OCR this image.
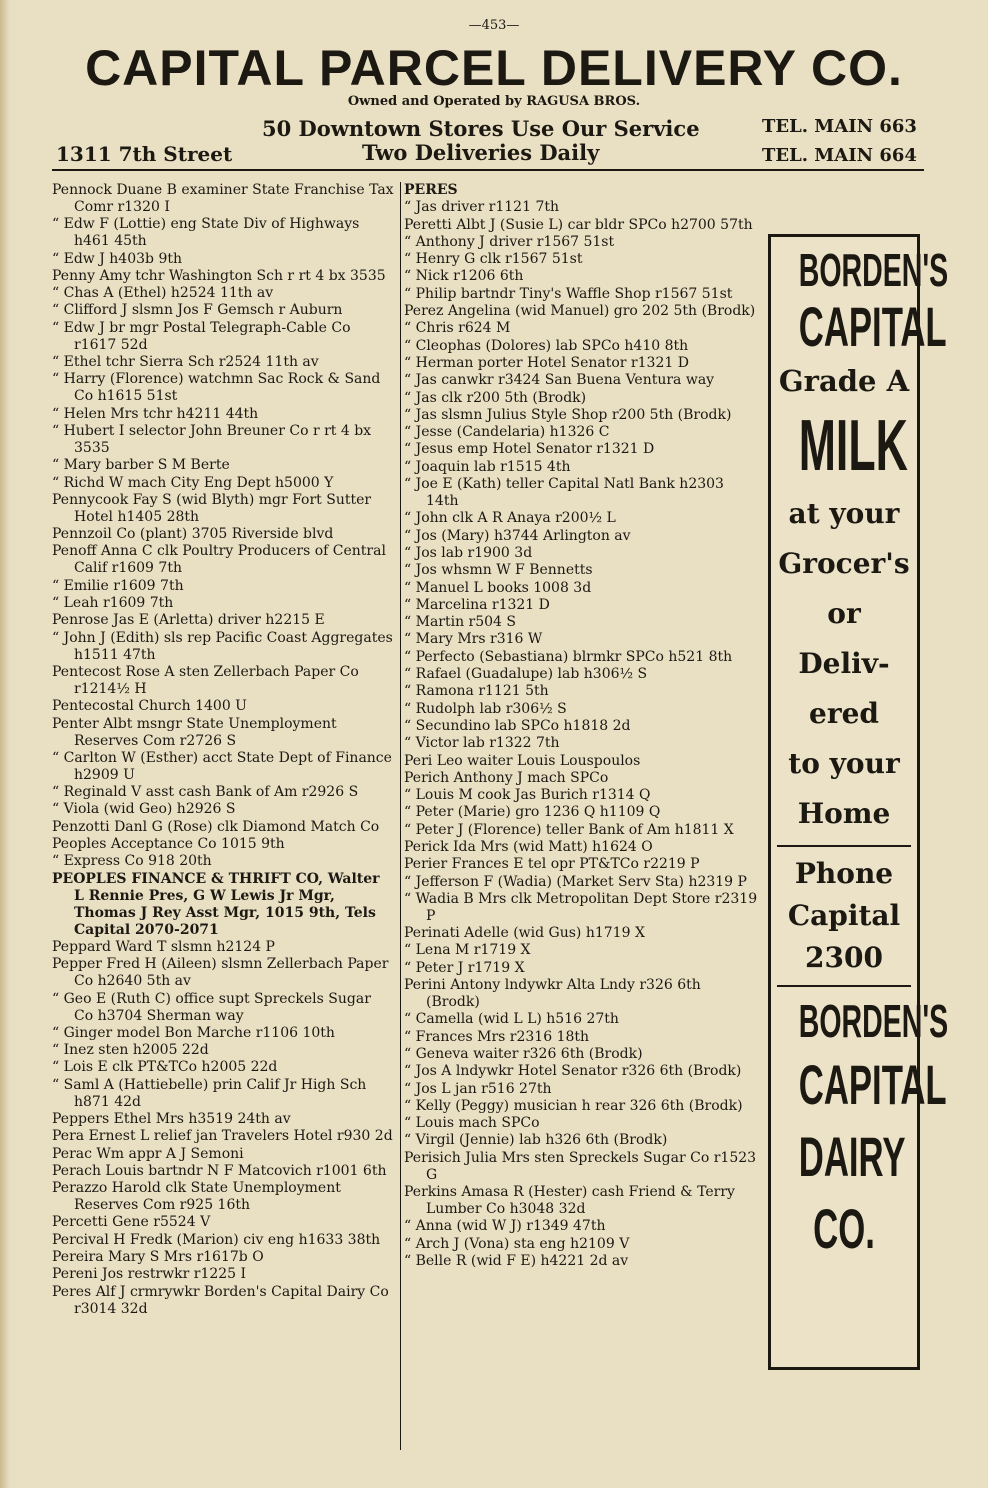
—453—
CAPITAL PARCEL DELIVERY CO.
Owned and Operated by RAGUSA BROS.
50 Downtown Stores Use Our Service
Two Deliveries Daily
1311 7th Street
TEL. MAIN 663
TEL. MAIN 664
Pennock Duane B examiner State Franchise Tax Comr r1320 I
“ Edw F (Lottie) eng State Div of Highways h461 45th
“ Edw J h403b 9th
Penny Amy tchr Washington Sch r rt 4 bx 3535
“ Chas A (Ethel) h2524 11th av
“ Clifford J slsmn Jos F Gemsch r Auburn
“ Edw J br mgr Postal Telegraph-Cable Co r1617 52d
“ Ethel tchr Sierra Sch r2524 11th av
“ Harry (Florence) watchmn Sac Rock & Sand Co h1615 51st
“ Helen Mrs tchr h4211 44th
“ Hubert I selector John Breuner Co r rt 4 bx 3535
“ Mary barber S M Berte
“ Richd W mach City Eng Dept h5000 Y
Pennycook Fay S (wid Blyth) mgr Fort Sutter Hotel h1405 28th
Pennzoil Co (plant) 3705 Riverside blvd
Penoff Anna C clk Poultry Producers of Central Calif r1609 7th
“ Emilie r1609 7th
“ Leah r1609 7th
Penrose Jas E (Arletta) driver h2215 E
“ John J (Edith) sls rep Pacific Coast Aggregates h1511 47th
Pentecost Rose A sten Zellerbach Paper Co r1214½ H
Pentecostal Church 1400 U
Penter Albt msngr State Unemployment Reserves Com r2726 S
“ Carlton W (Esther) acct State Dept of Finance h2909 U
“ Reginald V asst cash Bank of Am r2926 S
“ Viola (wid Geo) h2926 S
Penzotti Danl G (Rose) clk Diamond Match Co
Peoples Acceptance Co 1015 9th
“ Express Co 918 20th
PEOPLES FINANCE & THRIFT CO, Walter L Rennie Pres, G W Lewis Jr Mgr, Thomas J Rey Asst Mgr, 1015 9th, Tels Capital 2070-2071
Peppard Ward T slsmn h2124 P
Pepper Fred H (Aileen) slsmn Zellerbach Paper Co h2640 5th av
“ Geo E (Ruth C) office supt Spreckels Sugar Co h3704 Sherman way
“ Ginger model Bon Marche r1106 10th
“ Inez sten h2005 22d
“ Lois E clk PT&TCo h2005 22d
“ Saml A (Hattiebelle) prin Calif Jr High Sch h871 42d
Peppers Ethel Mrs h3519 24th av
Pera Ernest L relief jan Travelers Hotel r930 2d
Perac Wm appr A J Semoni
Perach Louis bartndr N F Matcovich r1001 6th
Perazzo Harold clk State Unemployment Reserves Com r925 16th
Percetti Gene r5524 V
Percival H Fredk (Marion) civ eng h1633 38th
Pereira Mary S Mrs r1617b O
Pereni Jos restrwkr r1225 I
Peres Alf J crmrywkr Borden's Capital Dairy Co r3014 32d
PERES
“ Jas driver r1121 7th
Peretti Albt J (Susie L) car bldr SPCo h2700 57th
“ Anthony J driver r1567 51st
“ Henry G clk r1567 51st
“ Nick r1206 6th
“ Philip bartndr Tiny's Waffle Shop r1567 51st
Perez Angelina (wid Manuel) gro 202 5th (Brodk)
“ Chris r624 M
“ Cleophas (Dolores) lab SPCo h410 8th
“ Herman porter Hotel Senator r1321 D
“ Jas canwkr r3424 San Buena Ventura way
“ Jas clk r200 5th (Brodk)
“ Jas slsmn Julius Style Shop r200 5th (Brodk)
“ Jesse (Candelaria) h1326 C
“ Jesus emp Hotel Senator r1321 D
“ Joaquin lab r1515 4th
“ Joe E (Kath) teller Capital Natl Bank h2303 14th
“ John clk A R Anaya r200½ L
“ Jos (Mary) h3744 Arlington av
“ Jos lab r1900 3d
“ Jos whsmn W F Bennetts
“ Manuel L books 1008 3d
“ Marcelina r1321 D
“ Martin r504 S
“ Mary Mrs r316 W
“ Perfecto (Sebastiana) blrmkr SPCo h521 8th
“ Rafael (Guadalupe) lab h306½ S
“ Ramona r1121 5th
“ Rudolph lab r306½ S
“ Secundino lab SPCo h1818 2d
“ Victor lab r1322 7th
Peri Leo waiter Louis Louspoulos
Perich Anthony J mach SPCo
“ Louis M cook Jas Burich r1314 Q
“ Peter (Marie) gro 1236 Q h1109 Q
“ Peter J (Florence) teller Bank of Am h1811 X
Perick Ida Mrs (wid Matt) h1624 O
Perier Frances E tel opr PT&TCo r2219 P
“ Jefferson F (Wadia) (Market Serv Sta) h2319 P
“ Wadia B Mrs clk Metropolitan Dept Store r2319 P
Perinati Adelle (wid Gus) h1719 X
“ Lena M r1719 X
“ Peter J r1719 X
Perini Antony lndywkr Alta Lndy r326 6th (Brodk)
“ Camella (wid L L) h516 27th
“ Frances Mrs r2316 18th
“ Geneva waiter r326 6th (Brodk)
“ Jos A lndywkr Hotel Senator r326 6th (Brodk)
“ Jos L jan r516 27th
“ Kelly (Peggy) musician h rear 326 6th (Brodk)
“ Louis mach SPCo
“ Virgil (Jennie) lab h326 6th (Brodk)
Perisich Julia Mrs sten Spreckels Sugar Co r1523 G
Perkins Amasa R (Hester) cash Friend & Terry Lumber Co h3048 32d
“ Anna (wid W J) r1349 47th
“ Arch J (Vona) sta eng h2109 V
“ Belle R (wid F E) h4221 2d av
BORDEN'S
CAPITAL
Grade A
MILK
at your
Grocer's
or
Deliv-
ered
to your
Home
Phone
Capital
2300
BORDEN'S
CAPITAL
DAIRY
CO.
